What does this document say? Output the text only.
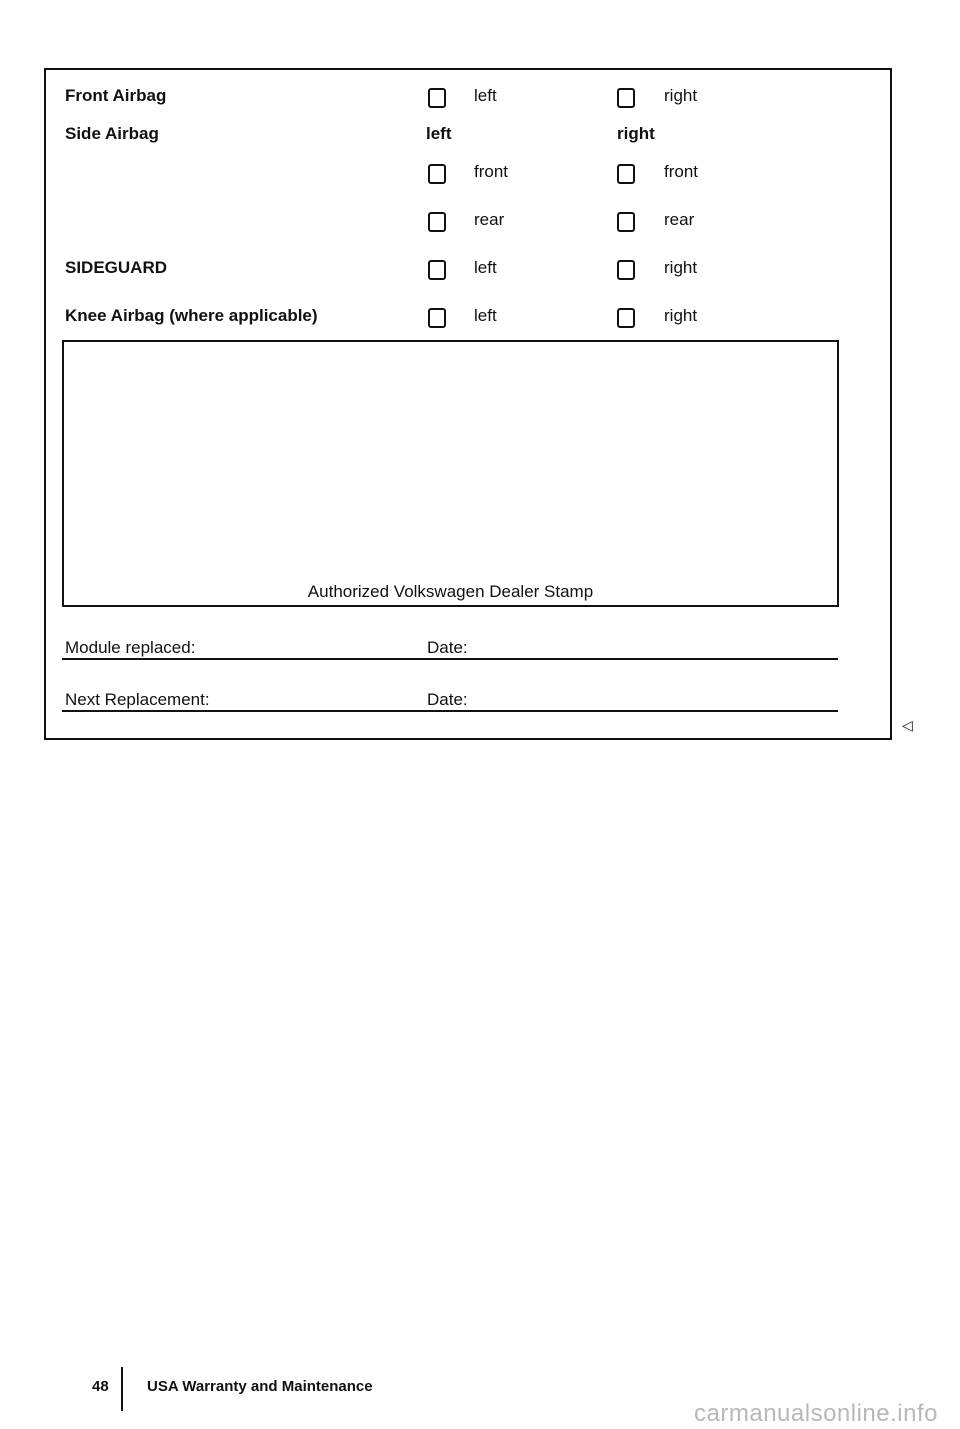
Front Airbag	left	right
Side Airbag	left	right
front	front
rear	rear
SIDEGUARD	left	right
Knee Airbag (where applicable)	left	right
Authorized Volkswagen Dealer Stamp
Module replaced:	Date:
Next Replacement:	Date:
◁
48	USA Warranty and Maintenance
carmanualsonline.info
